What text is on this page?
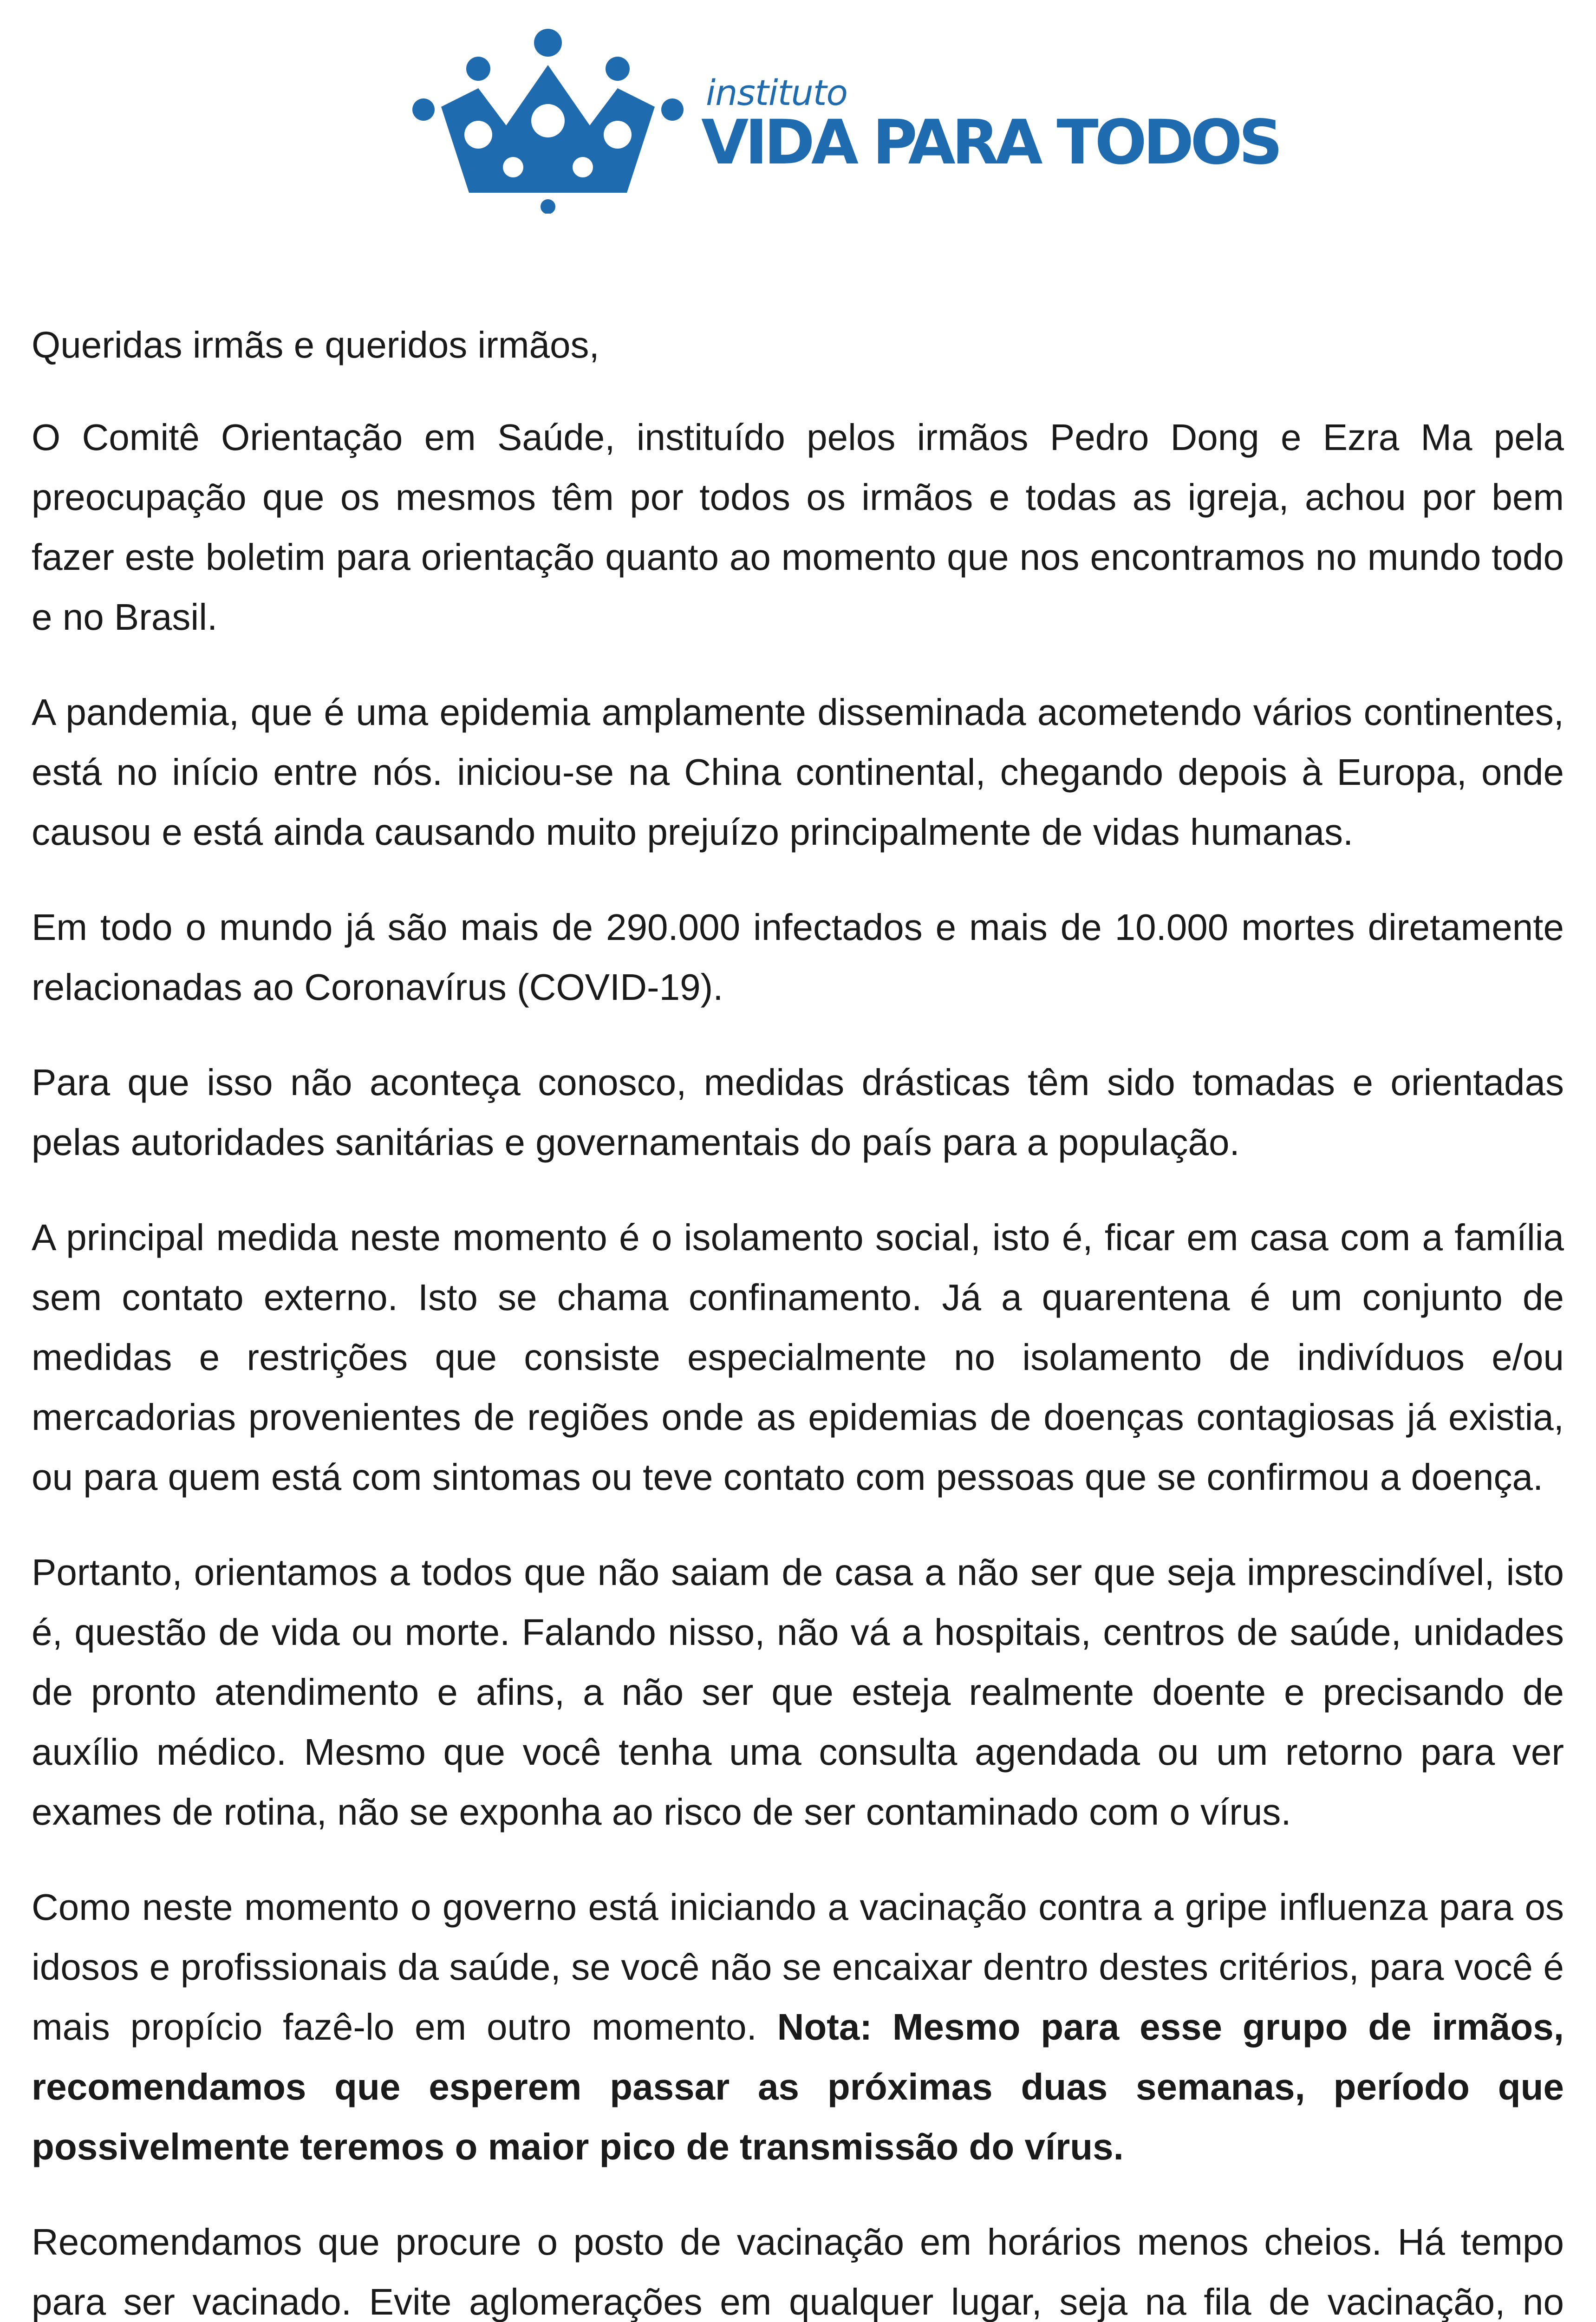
instituto
VIDA PARA TODOS

Queridas irmãs e queridos irmãos,

O Comitê Orientação em Saúde, instituído pelos irmãos Pedro Dong e Ezra Ma pela preocupação que os mesmos têm por todos os irmãos e todas as igreja, achou por bem fazer este boletim para orientação quanto ao momento que nos encontramos no mundo todo e no Brasil.

A pandemia, que é uma epidemia amplamente disseminada acometendo vários continentes, está no início entre nós. iniciou-se na China continental, chegando depois à Europa, onde causou e está ainda causando muito prejuízo principalmente de vidas humanas.

Em todo o mundo já são mais de 290.000 infectados e mais de 10.000 mortes diretamente relacionadas ao Coronavírus (COVID-19).

Para que isso não aconteça conosco, medidas drásticas têm sido tomadas e orientadas pelas autoridades sanitárias e governamentais do país para a população.

A principal medida neste momento é o isolamento social, isto é, ficar em casa com a família sem contato externo. Isto se chama confinamento. Já a quarentena é um conjunto de medidas e restrições que consiste especialmente no isolamento de indivíduos e/ou mercadorias provenientes de regiões onde as epidemias de doenças contagiosas já existia, ou para quem está com sintomas ou teve contato com pessoas que se confirmou a doença.

Portanto, orientamos a todos que não saiam de casa a não ser que seja imprescindível, isto é, questão de vida ou morte. Falando nisso, não vá a hospitais, centros de saúde, unidades de pronto atendimento e afins, a não ser que esteja realmente doente e precisando de auxílio médico. Mesmo que você tenha uma consulta agendada ou um retorno para ver exames de rotina, não se exponha ao risco de ser contaminado com o vírus.

Como neste momento o governo está iniciando a vacinação contra a gripe influenza para os idosos e profissionais da saúde, se você não se encaixar dentro destes critérios, para você é mais propício fazê-lo em outro momento. Nota: Mesmo para esse grupo de irmãos, recomendamos que esperem passar as próximas duas semanas, período que possivelmente teremos o maior pico de transmissão do vírus.

Recomendamos que procure o posto de vacinação em horários menos cheios. Há tempo para ser vacinado. Evite aglomerações em qualquer lugar, seja na fila de vacinação, no
